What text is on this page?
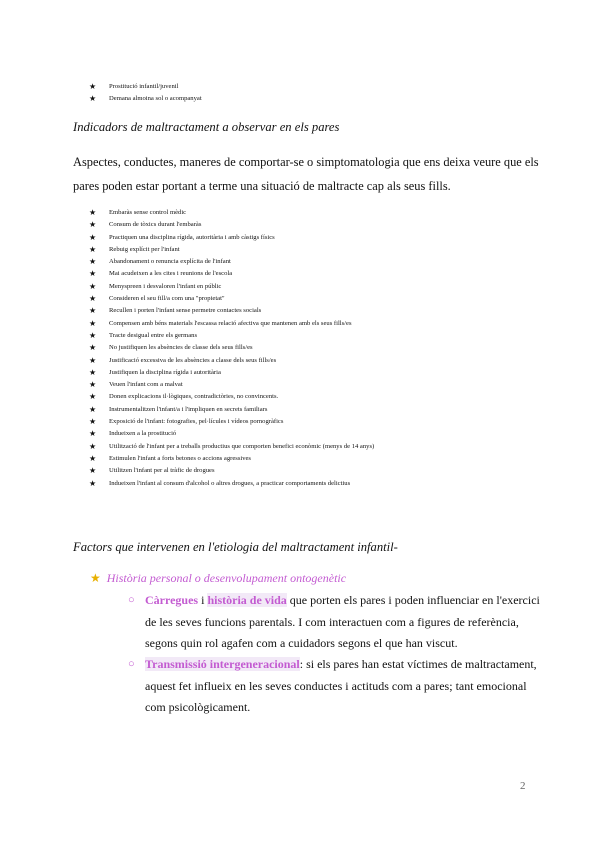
★ Prostitució infantil/juvenil
★ Demana almoina sol o acompanyat
Indicadors de maltractament a observar en els pares
Aspectes, conductes, maneres de comportar-se o simptomatologia que ens deixa veure que els pares poden estar portant a terme una situació de maltracte cap als seus fills.
★ Embaràs sense control mèdic
★ Consum de tòxics durant l'embaràs
★ Practiquen una disciplina rígida, autoritària i amb càstigs físics
★ Rebuig explícit per l'infant
★ Abandonament o renuncia explícita de l'infant
★ Mai acudeixen a les cites i reunions de l'escola
★ Menyspreen i desvaloren l'infant en públic
★ Consideren el seu fill/a com una "propietat"
★ Recullen i porten l'infant sense permetre contactes socials
★ Compensen amb béns materials l'escassa relació afectiva que mantenen amb els seus fills/es
★ Tracte desigual entre els germans
★ No justifiquen les absències de classe dels seus fills/es
★ Justificació excessiva de les absències a classe dels seus fills/es
★ Justifiquen la disciplina rígida i autoritària
★ Veuen l'infant com a malvat
★ Donen explicacions il·lògiques, contradictòries, no convincents.
★ Instrumentalitzen l'infant/a i l'impliquen en secrets familiars
★ Exposició de l'infant: fotografies, pel·lícules i vídeos pornogràfics
★ Indueixen a la prostitució
★ Utilització de l'infant per a treballs productius que comporten benefici econòmic (menys de 14 anys)
★ Estimulen l'infant a forts betones o accions agressives
★ Utilitzen l'infant per al tràfic de drogues
★ Indueixen l'infant al consum d'alcohol o altres drogues, a practicar comportaments delictius
Factors que intervenen en l'etiologia del maltractament infantil-
★ Història personal o desenvolupament ontogenètic
○ Càrregues i història de vida que porten els pares i poden influenciar en l'exercici de les seves funcions parentals. I com interactuen com a figures de referència, segons quin rol agafen com a cuidadors segons el que han viscut.
○ Transmissió intergeneracional: si els pares han estat víctimes de maltractament, aquest fet influeix en les seves conductes i actituds com a pares; tant emocional com psicològicament.
2
